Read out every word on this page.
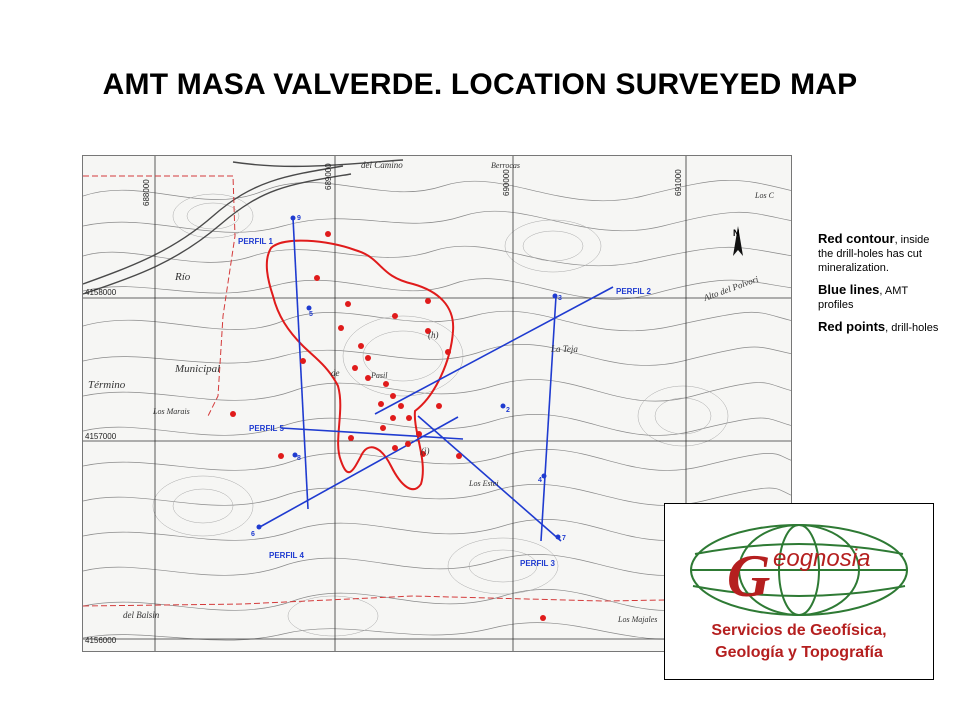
AMT MASA VALVERDE. LOCATION SURVEYED MAP
N
PERFIL 1
PERFIL 2
PERFIL 3
PERFIL 4
PERFIL 5
9
5
6
8
2
3
4
7
Río
Término
Municipal
Los Marais
La Teja
Los Estei
Los Majales
Alto del Polvori
Berrocas
del Camino
de	Pasil
Los C
del Balsin
(h)
(i)
688000
689000	690000	691000
4158000
4157000
4156000

Red contour, inside the drill-holes has cut mineralization.

Blue lines, AMT profiles

Red points, drill-holes

G eognosia
Servicios de Geofísica,
Geología y Topografía
